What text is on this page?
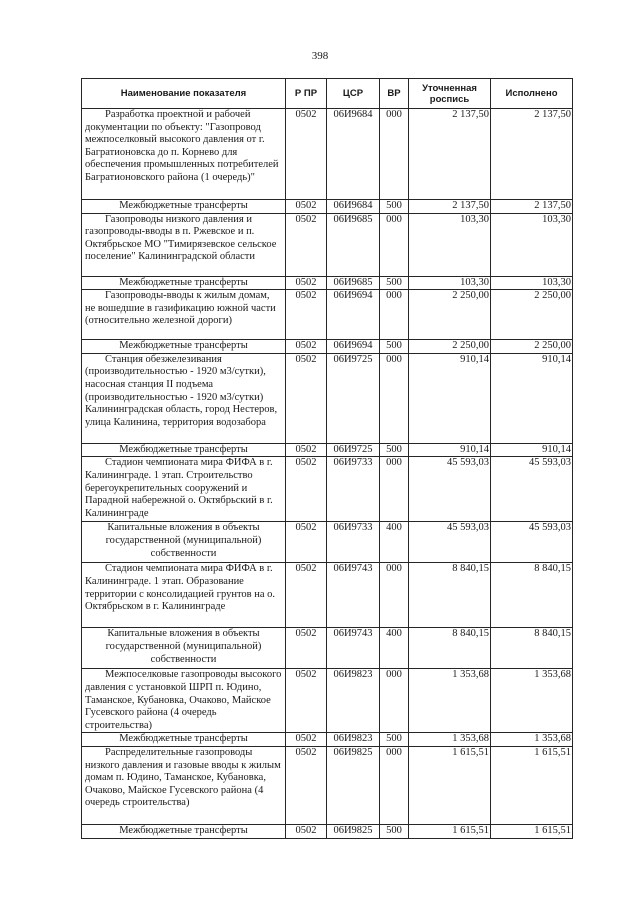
398
Наименование показателя	Р ПР	ЦСР	ВР	Уточненная роспись	Исполнено
Разработка проектной и рабочей документации по объекту: "Газопровод межпоселковый высокого давления от г. Багратионовска до п. Корнево для обеспечения промышленных потребителей Багратионовского района (1 очередь)"	0502	06И9684	000	2 137,50	2 137,50
Межбюджетные трансферты	0502	06И9684	500	2 137,50	2 137,50
Газопроводы низкого давления и газопроводы-вводы в п. Ржевское и п. Октябрьское МО "Тимирязевское сельское поселение" Калининградской области	0502	06И9685	000	103,30	103,30
Межбюджетные трансферты	0502	06И9685	500	103,30	103,30
Газопроводы-вводы к жилым домам, не вошедшие в газификацию южной части (относительно железной дороги)	0502	06И9694	000	2 250,00	2 250,00
Межбюджетные трансферты	0502	06И9694	500	2 250,00	2 250,00
Станция обезжелезивания (производительностью - 1920 м3/сутки), насосная станция II подъема (производительностью - 1920 м3/сутки) Калининградская область, город Нестеров, улица Калинина, территория водозабора	0502	06И9725	000	910,14	910,14
Межбюджетные трансферты	0502	06И9725	500	910,14	910,14
Стадион чемпионата мира ФИФА в г. Калининграде. 1 этап. Строительство берегоукрепительных сооружений и Парадной набережной о. Октябрьский в г. Калининграде	0502	06И9733	000	45 593,03	45 593,03
Капитальные вложения в объекты государственной (муниципальной) собственности	0502	06И9733	400	45 593,03	45 593,03
Стадион чемпионата мира ФИФА в г. Калининграде. 1 этап. Образование территории с консолидацией грунтов на о. Октябрьском в г. Калининграде	0502	06И9743	000	8 840,15	8 840,15
Капитальные вложения в объекты государственной (муниципальной) собственности	0502	06И9743	400	8 840,15	8 840,15
Межпоселковые газопроводы высокого давления с установкой ШРП п. Юдино, Таманское, Кубановка, Очаково, Майское Гусевского района (4 очередь строительства)	0502	06И9823	000	1 353,68	1 353,68
Межбюджетные трансферты	0502	06И9823	500	1 353,68	1 353,68
Распределительные газопроводы низкого давления и газовые вводы к жилым домам п. Юдино, Таманское, Кубановка, Очаково, Майское Гусевского района (4 очередь строительства)	0502	06И9825	000	1 615,51	1 615,51
Межбюджетные трансферты	0502	06И9825	500	1 615,51	1 615,51
